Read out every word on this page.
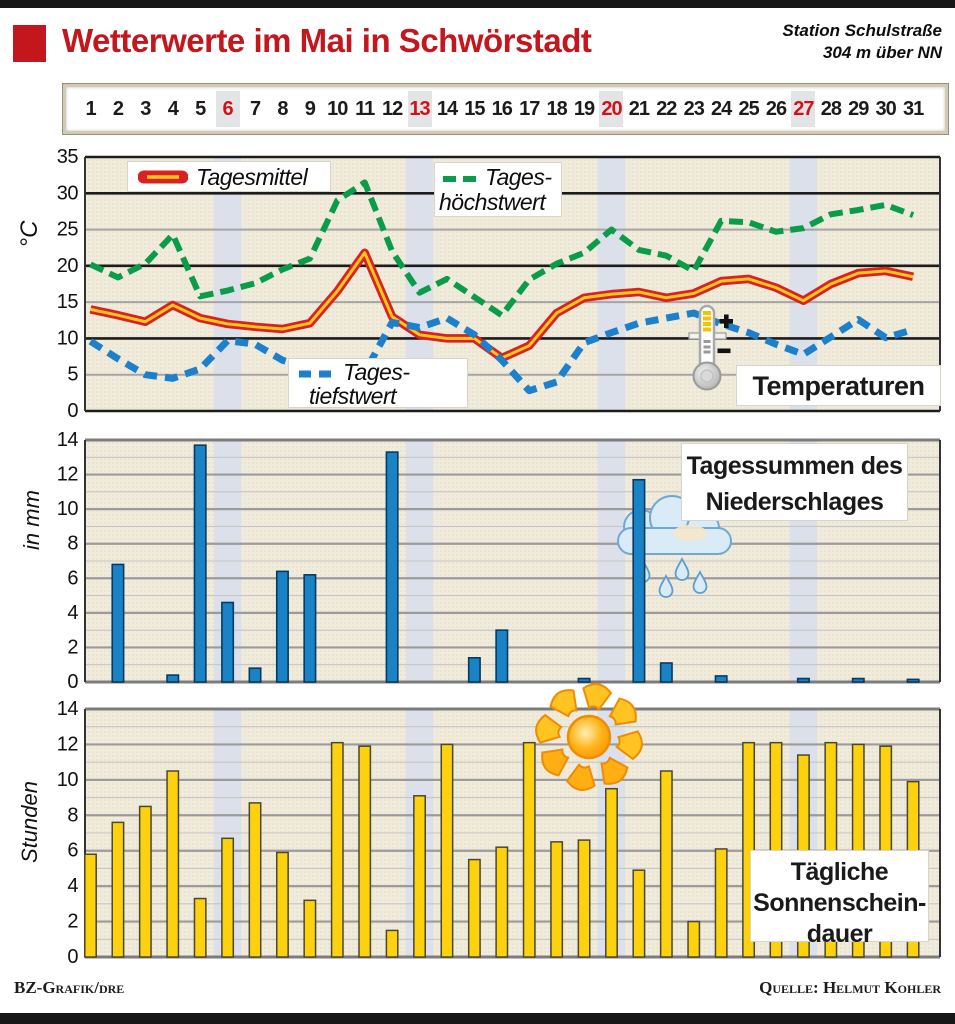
Wetterwerte im Mai in Schwörstadt	Station Schulstraße
304 m über NN
1 2 3 4 5 6 7 8 9 10 11 12 13 14 15 16 17 18 19 20 21 22 23 24 25 26 27 28 29 30 31
35
30
25
20
15
10
5
0
14
12
10
8
6
4
2
0
14
12
10
8
6
4
2
0
°C
in mm
Stunden
Tagesmittel	Tages-
höchstwert
Tages-
tiefstwert	Temperaturen
Tagessummen des
Niederschlages
Tägliche
Sonnenschein-
dauer
BZ-Grafik/dre	Quelle: Helmut Kohler
